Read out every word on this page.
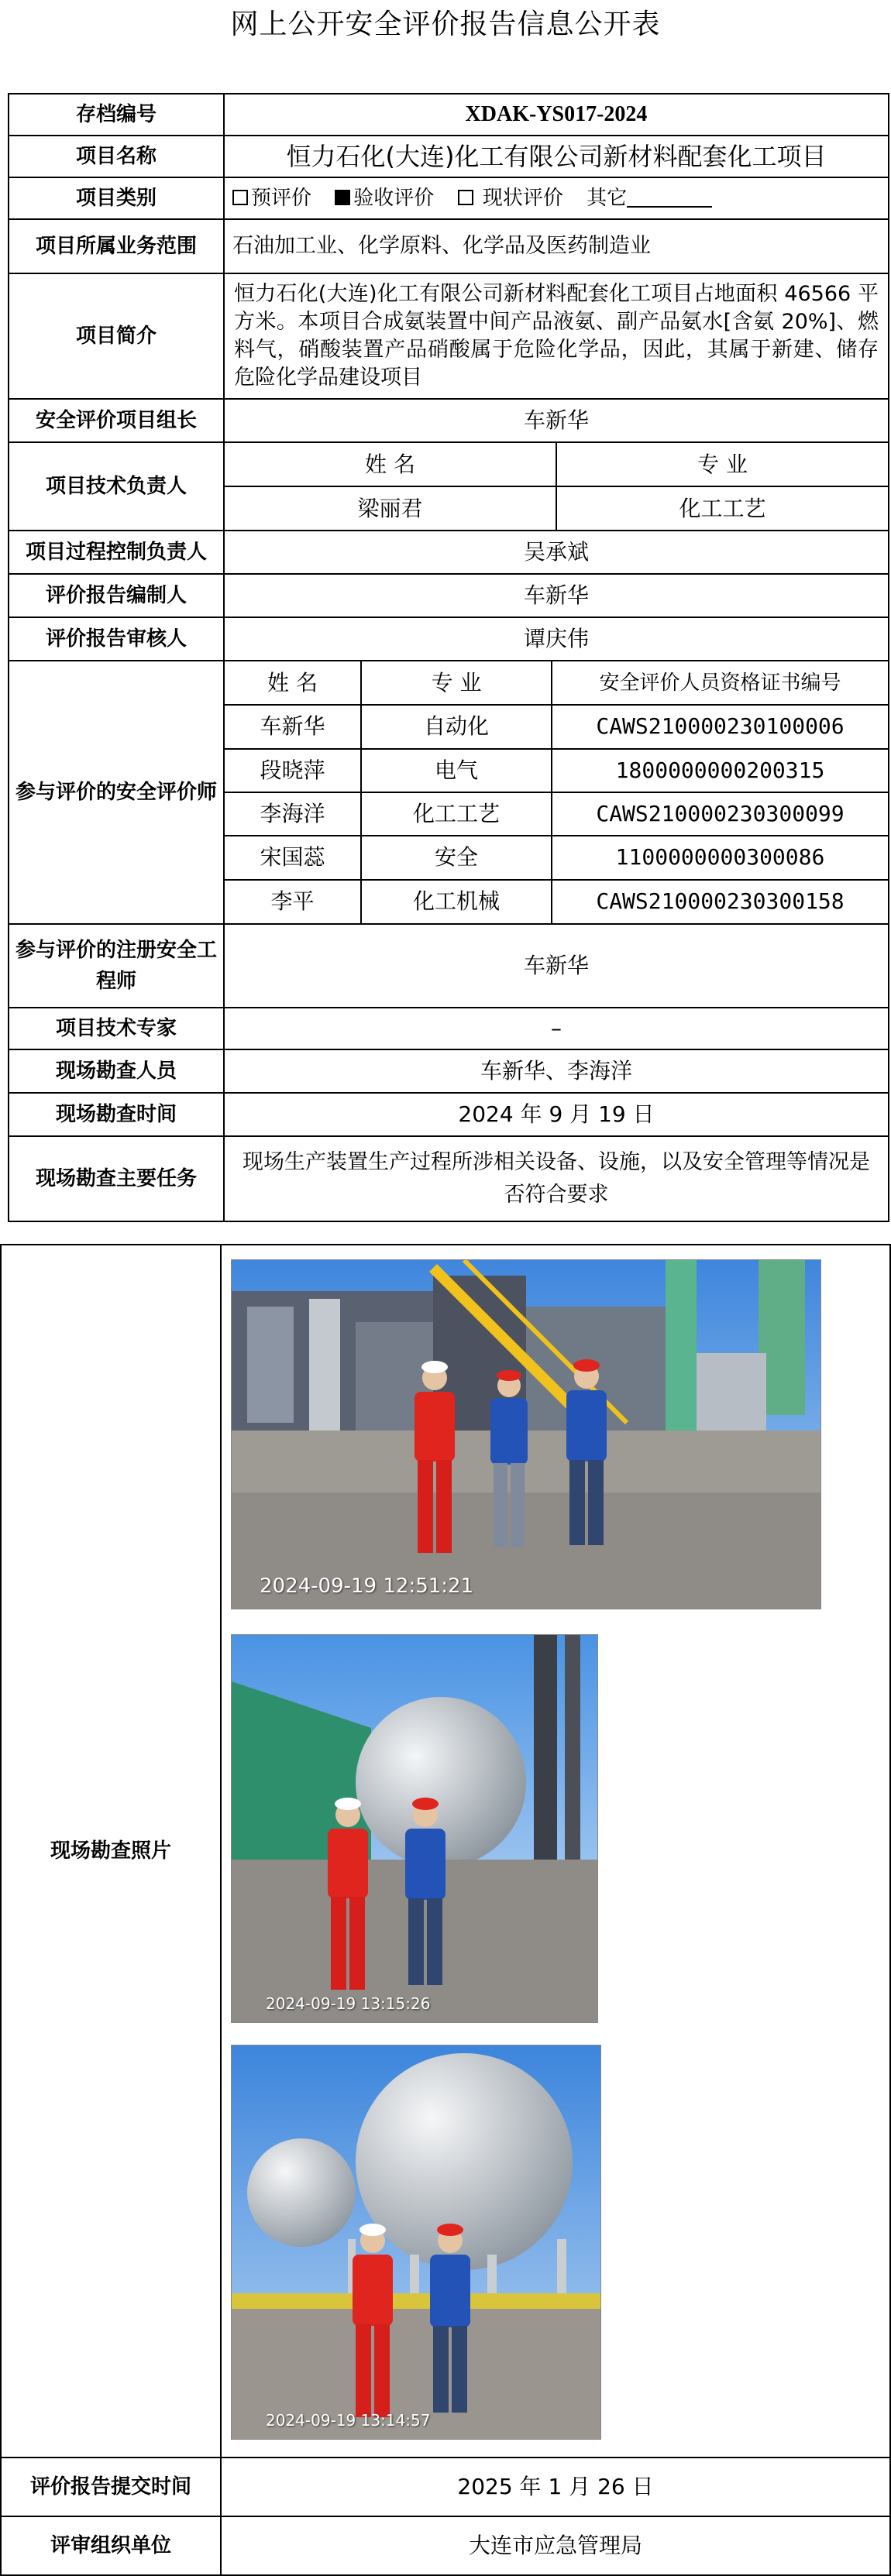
网上公开安全评价报告信息公开表
存档编号	XDAK-YS017-2024
项目名称	恒力石化(大连)化工有限公司新材料配套化工项目
项目类别	预评价 验收评价  现状评价 其它
项目所属业务范围	石油加工业、化学原料、化学品及医药制造业
项目简介	恒力石化(大连)化工有限公司新材料配套化工项目占地面积 46566 平方米。本项目合成氨装置中间产品液氨、副产品氨水[含氨 20%]、燃料气，硝酸装置产品硝酸属于危险化学品，因此，其属于新建、储存危险化学品建设项目
安全评价项目组长	车新华
项目技术负责人	
姓 名	专 业
梁丽君	化工工艺

项目过程控制负责人	吴承斌
评价报告编制人	车新华
评价报告审核人	谭庆伟
参与评价的安全评价师	
姓 名	专 业	安全评价人员资格证书编号
车新华	自动化	CAWS210000230100006
段晓萍	电气	1800000000200315
李海洋	化工工艺	CAWS210000230300099
宋国蕊	安全	1100000000300086
李平	化工机械	CAWS210000230300158

参与评价的注册安全工程师	车新华
项目技术专家	–
现场勘查人员	车新华、李海洋
现场勘查时间	2024 年 9 月 19 日
现场勘查主要任务	现场生产装置生产过程所涉相关设备、设施，以及安全管理等情况是否符合要求
现场勘查照片	2024-09-19 12:51:21
2024-09-19 13:15:26
2024-09-19 13:14:57

评价报告提交时间	2025 年 1 月 26 日
评审组织单位	大连市应急管理局
